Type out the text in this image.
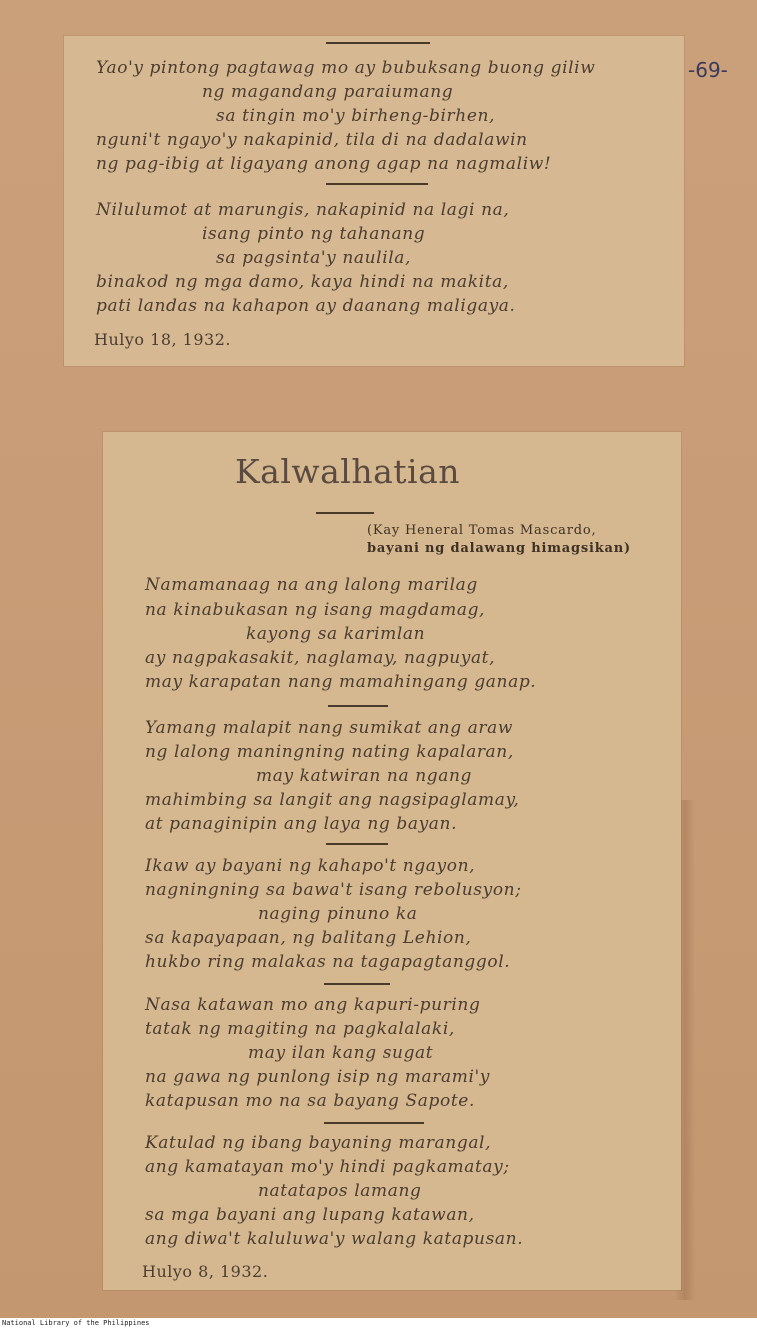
-69-
Yao'y pintong pagtawag mo ay bubuksang buong giliw
ng magandang paraiumang
sa tingin mo'y birheng-birhen,
nguni't ngayo'y nakapinid, tila di na dadalawin
ng pag-ibig at ligayang anong agap na nagmaliw!
Nilulumot at marungis, nakapinid na lagi na,
isang pinto ng tahanang
sa pagsinta'y naulila,
binakod ng mga damo, kaya hindi na makita,
pati landas na kahapon ay daanang maligaya.
Hulyo 18, 1932.
Kalwalhatian
(Kay Heneral Tomas Mascardo,
bayani ng dalawang himagsikan)
Namamanaag na ang lalong marilag
na kinabukasan ng isang magdamag,
kayong sa karimlan
ay nagpakasakit, naglamay, nagpuyat,
may karapatan nang mamahingang ganap.
Yamang malapit nang sumikat ang araw
ng lalong maningning nating kapalaran,
may katwiran na ngang
mahimbing sa langit ang nagsipaglamay,
at panaginipin ang laya ng bayan.
Ikaw ay bayani ng kahapo't ngayon,
nagningning sa bawa't isang rebolusyon;
naging pinuno ka
sa kapayapaan, ng balitang Lehion,
hukbo ring malakas na tagapagtanggol.
Nasa katawan mo ang kapuri-puring
tatak ng magiting na pagkalalaki,
may ilan kang sugat
na gawa ng punlong isip ng marami'y
katapusan mo na sa bayang Sapote.
Katulad ng ibang bayaning marangal,
ang kamatayan mo'y hindi pagkamatay;
natatapos lamang
sa mga bayani ang lupang katawan,
ang diwa't kaluluwa'y walang katapusan.
Hulyo 8, 1932.
National Library of the Philippines
